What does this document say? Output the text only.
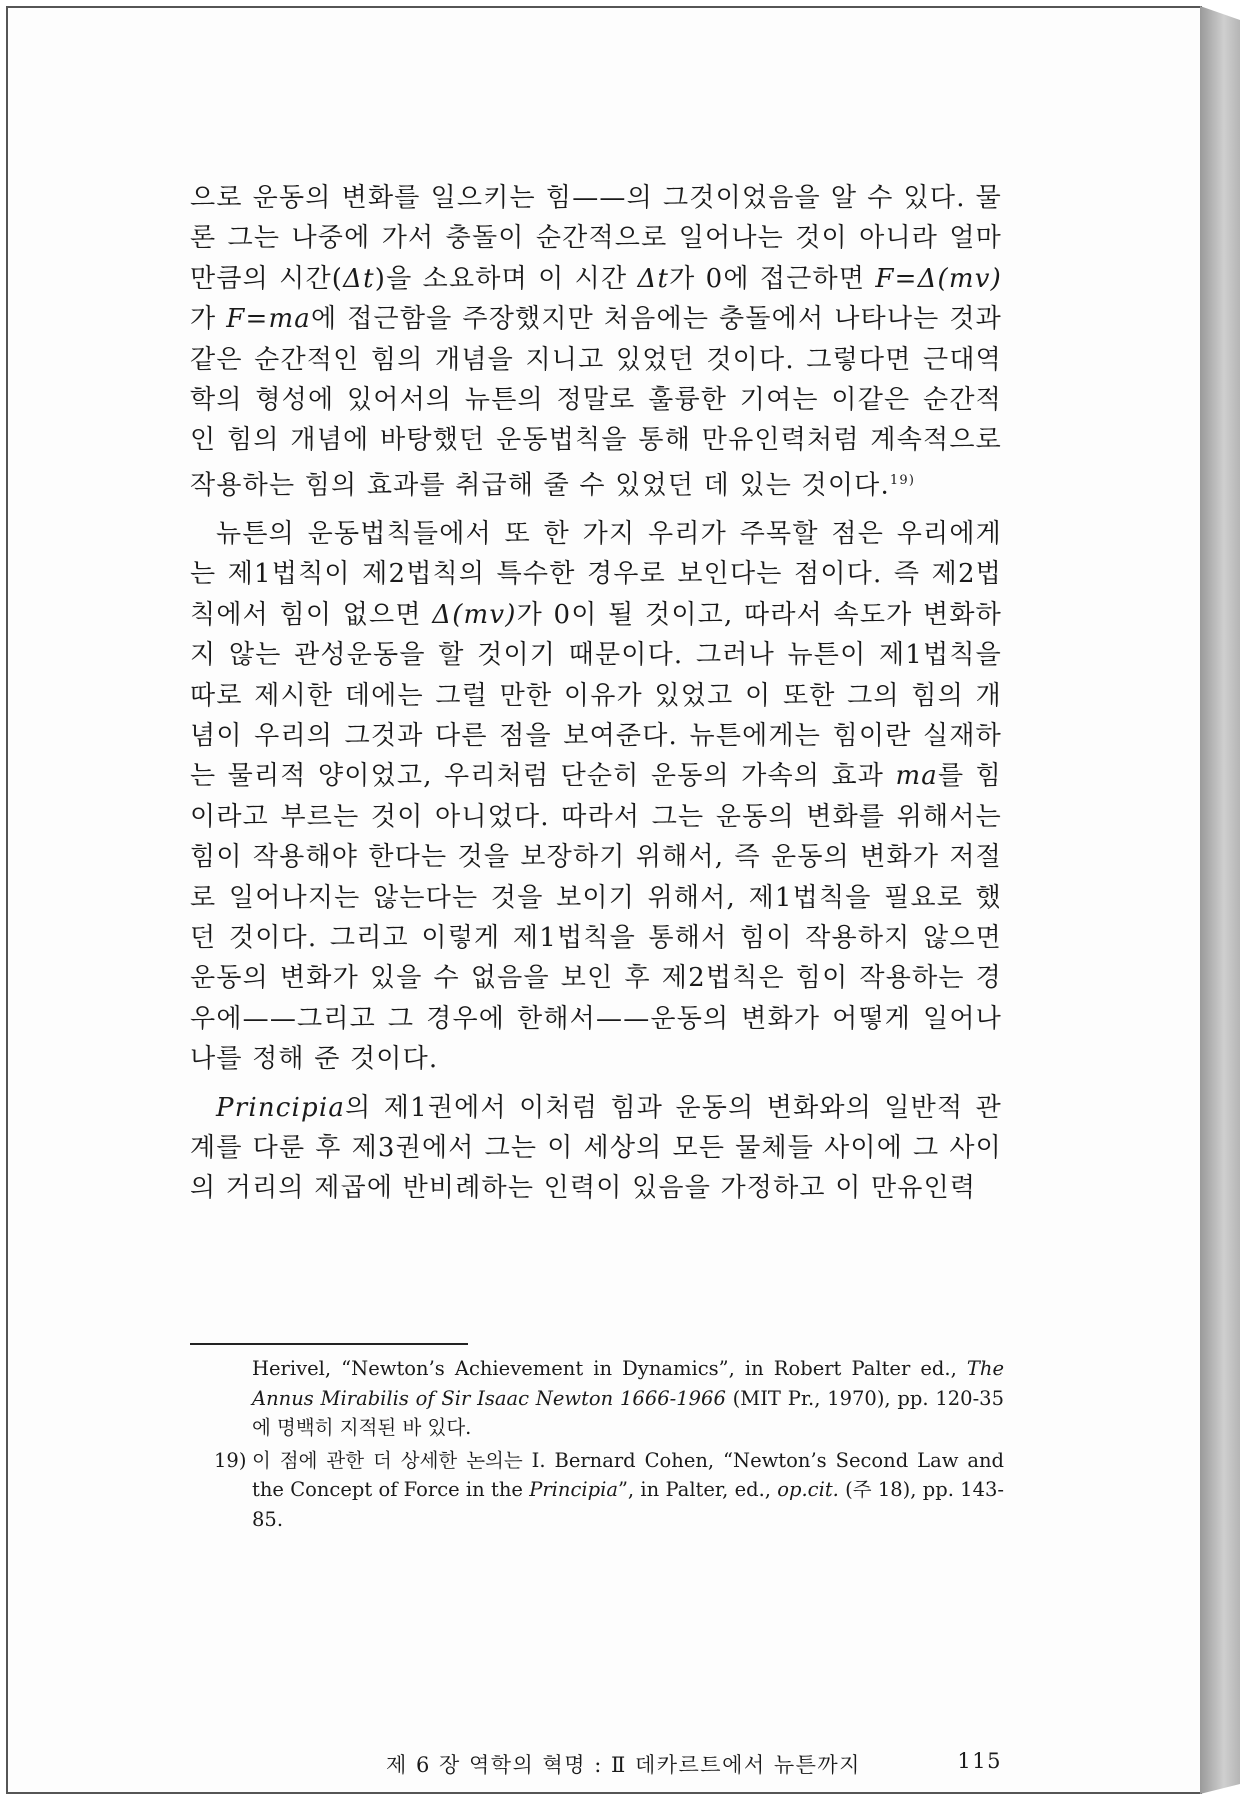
으로 운동의 변화를 일으키는 힘——의 그것이었음을 알 수 있다. 물론 그는 나중에 가서 충돌이 순간적으로 일어나는 것이 아니라 얼마 만큼의 시간(Δt)을 소요하며 이 시간 Δt가 0에 접근하면 F=Δ(mv)가 F=ma에 접근함을 주장했지만 처음에는 충돌에서 나타나는 것과 같은 순간적인 힘의 개념을 지니고 있었던 것이다. 그렇다면 근대역학의 형성에 있어서의 뉴튼의 정말로 훌륭한 기여는 이같은 순간적인 힘의 개념에 바탕했던 운동법칙을 통해 만유인력처럼 계속적으로 작용하는 힘의 효과를 취급해 줄 수 있었던 데 있는 것이다.$^{19)}$

뉴튼의 운동법칙들에서 또 한 가지 우리가 주목할 점은 우리에게는 제1법칙이 제2법칙의 특수한 경우로 보인다는 점이다. 즉 제2법칙에서 힘이 없으면 Δ(mv)가 0이 될 것이고, 따라서 속도가 변화하지 않는 관성운동을 할 것이기 때문이다. 그러나 뉴튼이 제1법칙을 따로 제시한 데에는 그럴 만한 이유가 있었고 이 또한 그의 힘의 개념이 우리의 그것과 다른 점을 보여준다. 뉴튼에게는 힘이란 실재하는 물리적 양이었고, 우리처럼 단순히 운동의 가속의 효과 ma를 힘이라고 부르는 것이 아니었다. 따라서 그는 운동의 변화를 위해서는 힘이 작용해야 한다는 것을 보장하기 위해서, 즉 운동의 변화가 저절로 일어나지는 않는다는 것을 보이기 위해서, 제1법칙을 필요로 했던 것이다. 그리고 이렇게 제1법칙을 통해서 힘이 작용하지 않으면 운동의 변화가 있을 수 없음을 보인 후 제2법칙은 힘이 작용하는 경우에——그리고 그 경우에 한해서——운동의 변화가 어떻게 일어나나를 정해 준 것이다.

Principia의 제1권에서 이처럼 힘과 운동의 변화와의 일반적 관계를 다룬 후 제3권에서 그는 이 세상의 모든 물체들 사이에 그 사이의 거리의 제곱에 반비례하는 인력이 있음을 가정하고 이 만유인력

Herivel, “Newton’s Achievement in Dynamics”, in Robert Palter ed., The Annus Mirabilis of Sir Isaac Newton 1666-1966 (MIT Pr., 1970), pp. 120-35에 명백히 지적된 바 있다.

19) 이 점에 관한 더 상세한 논의는 I. Bernard Cohen, “Newton’s Second Law and the Concept of Force in the Principia”, in Palter, ed., op.cit. (주 18), pp. 143-85.

제 6 장 역학의 혁명 : Ⅱ 데카르트에서 뉴튼까지	115
